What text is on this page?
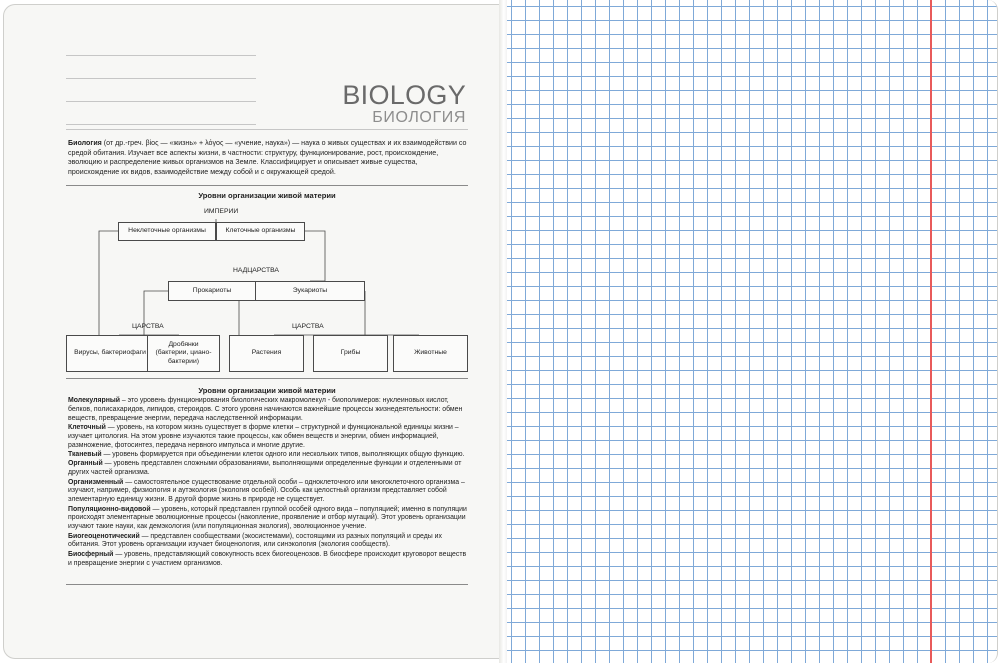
BIOLOGY
БИОЛОГИЯ
Биология (от др.-греч. βίος — «жизнь» + λόγος — «учение, наука») — наука о живых существах и их взаимодействии со средой обитания. Изучает все аспекты жизни, в частности: структуру, функционирование, рост, происхождение, эволюцию и распределение живых организмов на Земле. Классифицирует и описывает живые существа, происхождение их видов, взаимодействие между собой и с окружающей средой.
Уровни организации живой материи
ИМПЕРИИ
Неклеточные организмы	Клеточные организмы
НАДЦАРСТВА
Прокариоты	Эукариоты
ЦАРСТВА	ЦАРСТВА
Вирусы, бактериофаги
Дробянки (бактерии, циано-бактерии)
Растения	Грибы	Животные
Уровни организации живой материи

Молекулярный – это уровень функционирования биологических макромолекул - биополимеров: нуклеиновых кислот, белков, полисахаридов, липидов, стероидов. С этого уровня начинаются важнейшие процессы жизнедеятельности: обмен веществ, превращение энергии, передача наследственной информации.

Клеточный — уровень, на котором жизнь существует в форме клетки – структурной и функциональной единицы жизни – изучает цитология. На этом уровне изучаются такие процессы, как обмен веществ и энергии, обмен информацией, размножение, фотосинтез, передача нервного импульса и многие другие.

Тканевый — уровень формируется при объединении клеток одного или нескольких типов, выполняющих общую функцию.

Органный — уровень представлен сложными образованиями, выполняющими определенные функции и отделенными от других частей организма.

Организменный — самостоятельное существование отдельной особи – одноклеточного или многоклеточного организма – изучают, например, физиология и аутэкология (экология особей). Особь как целостный организм представляет собой элементарную единицу жизни. В другой форме жизнь в природе не существует.

Популяционно-видовой — уровень, который представлен группой особей одного вида – популяцией; именно в популяции происходят элементарные эволюционные процессы (накопление, проявление и отбор мутаций). Этот уровень организации изучают такие науки, как демэкология (или популяционная экология), эволюционное учение.

Биогеоценотический — представлен сообществами (экосистемами), состоящими из разных популяций и среды их обитания. Этот уровень организации изучает биоценология, или синэкология (экология сообществ).

Биосферный — уровень, представляющий совокупность всех биогеоценозов. В биосфере происходит круговорот веществ и превращение энергии с участием организмов.
